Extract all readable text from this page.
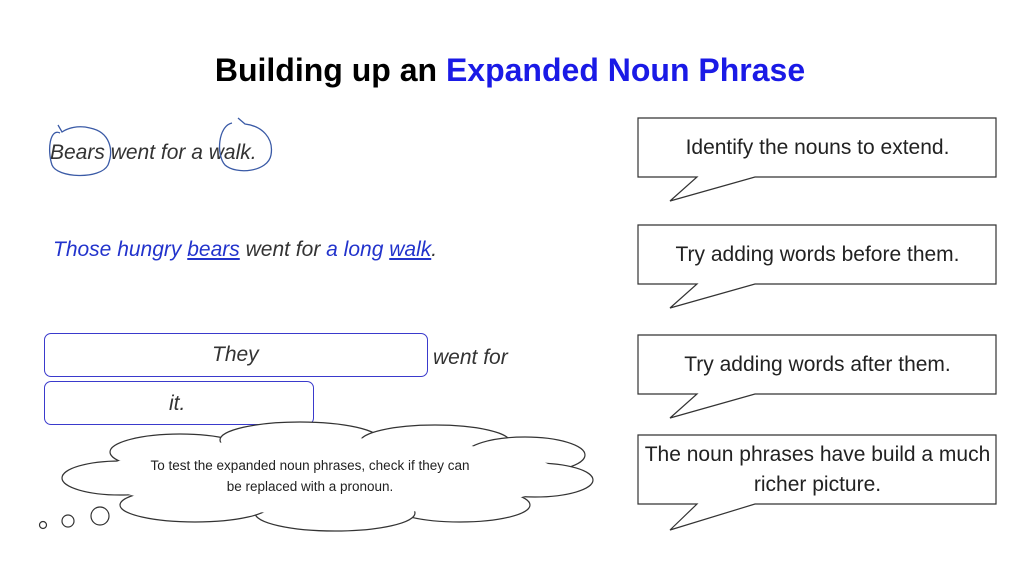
Building up an Expanded Noun Phrase
Bears went for a walk.
Those hungry bears went for a long walk.
They
it.
went for
Identify the nouns to extend.
Try adding words before them.
Try adding words after them.
The noun phrases have build a much richer picture.
To test the expanded noun phrases, check if they can be replaced with a pronoun.
